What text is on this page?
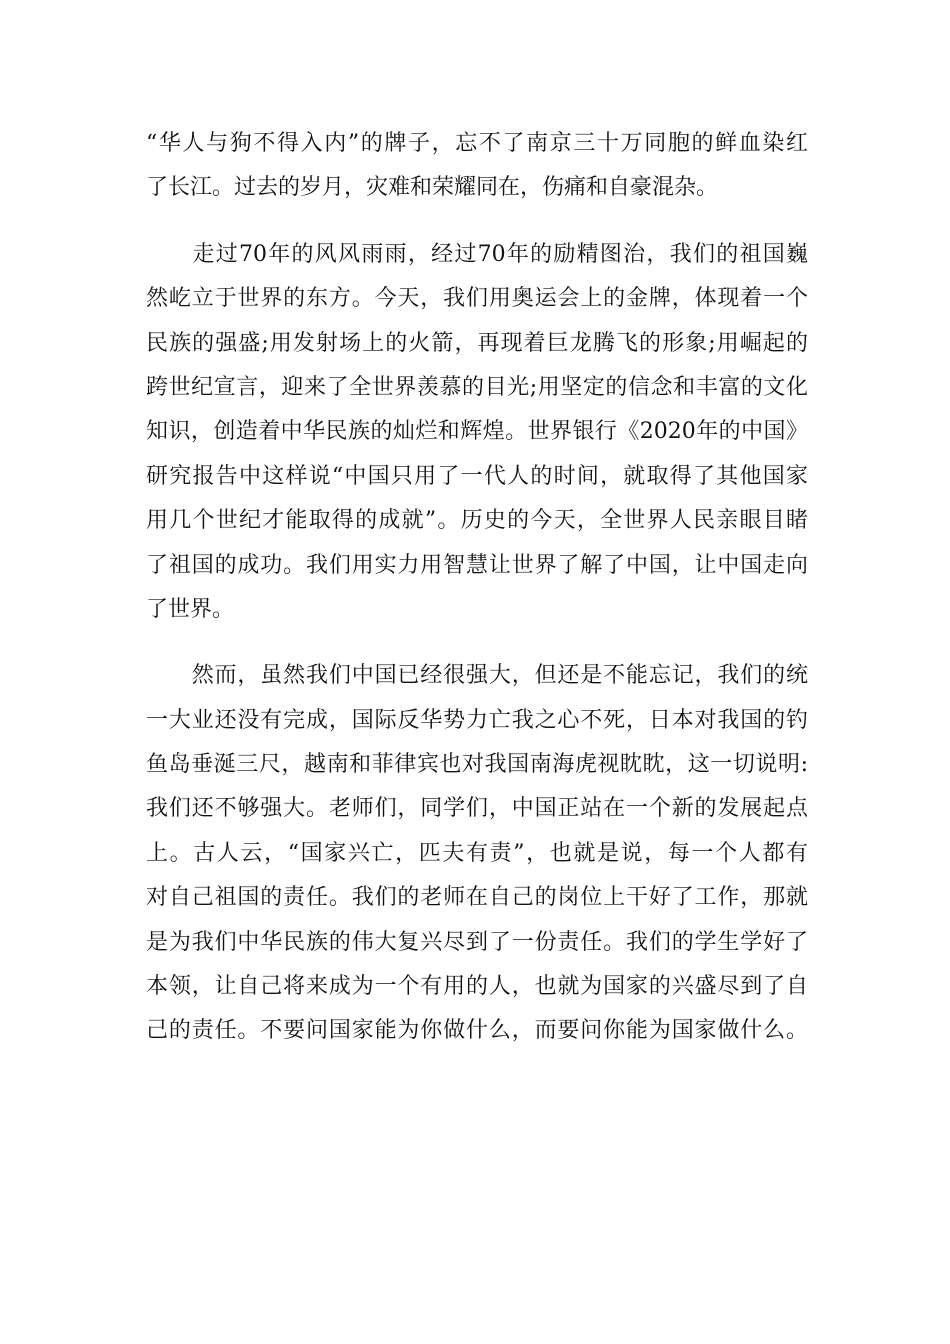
“华人与狗不得入内”的牌子，忘不了南京三十万同胞的鲜血染红
了长江。过去的岁月，灾难和荣耀同在，伤痛和自豪混杂。
　　走过70年的风风雨雨，经过70年的励精图治，我们的祖国巍
然屹立于世界的东方。今天，我们用奥运会上的金牌，体现着一个
民族的强盛;用发射场上的火箭，再现着巨龙腾飞的形象;用崛起的
跨世纪宣言，迎来了全世界羡慕的目光;用坚定的信念和丰富的文化
知识，创造着中华民族的灿烂和辉煌。世界银行《2020年的中国》
研究报告中这样说“中国只用了一代人的时间，就取得了其他国家
用几个世纪才能取得的成就”。历史的今天，全世界人民亲眼目睹
了祖国的成功。我们用实力用智慧让世界了解了中国，让中国走向
了世界。
　　然而，虽然我们中国已经很强大，但还是不能忘记，我们的统
一大业还没有完成，国际反华势力亡我之心不死，日本对我国的钓
鱼岛垂涎三尺，越南和菲律宾也对我国南海虎视眈眈，这一切说明:
我们还不够强大。老师们，同学们，中国正站在一个新的发展起点
上。古人云，“国家兴亡，匹夫有责”，也就是说，每一个人都有
对自己祖国的责任。我们的老师在自己的岗位上干好了工作，那就
是为我们中华民族的伟大复兴尽到了一份责任。我们的学生学好了
本领，让自己将来成为一个有用的人，也就为国家的兴盛尽到了自
己的责任。不要问国家能为你做什么，而要问你能为国家做什么。
